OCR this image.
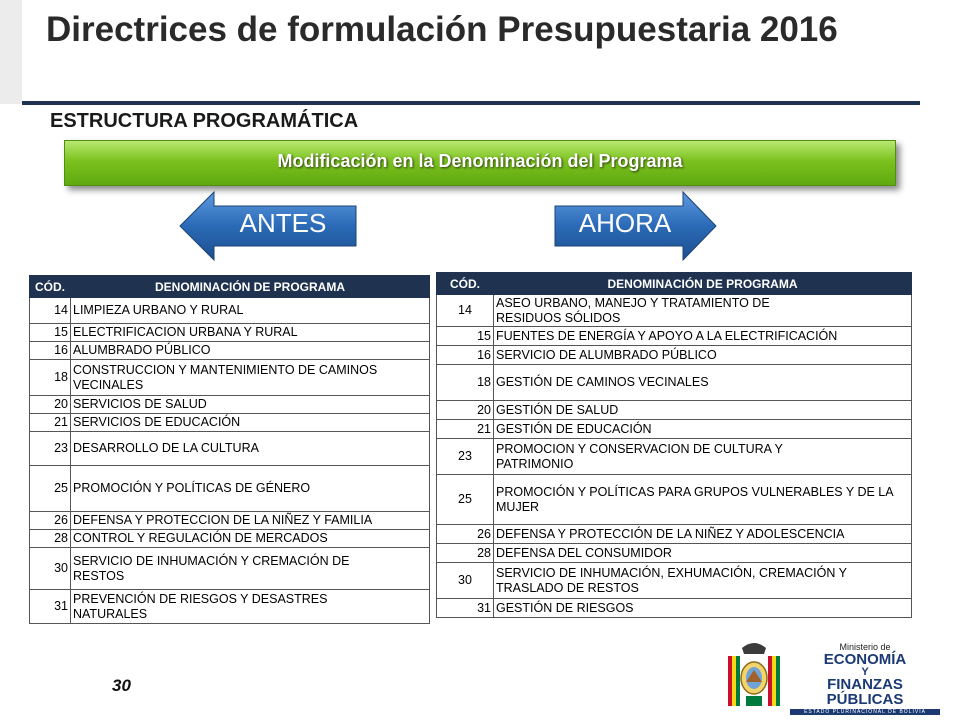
Directrices de formulación Presupuestaria 2016
ESTRUCTURA PROGRAMÁTICA
Modificación en la Denominación del Programa
ANTES	AHORA
CÓD.	DENOMINACIÓN DE PROGRAMA
14	LIMPIEZA URBANO Y RURAL
15	ELECTRIFICACION URBANA Y RURAL
16	ALUMBRADO PÚBLICO
18	CONSTRUCCION Y MANTENIMIENTO DE CAMINOS VECINALES
20	SERVICIOS DE SALUD
21	SERVICIOS DE EDUCACIÓN
23	DESARROLLO DE LA CULTURA
25	PROMOCIÓN Y POLÍTICAS DE GÉNERO
26	DEFENSA Y PROTECCION DE LA NIÑEZ Y FAMILIA
28	CONTROL Y REGULACIÓN DE MERCADOS
30	SERVICIO DE INHUMACIÓN Y CREMACIÓN DE RESTOS
31	PREVENCIÓN DE RIESGOS Y DESASTRES NATURALES
CÓD.	DENOMINACIÓN DE PROGRAMA
14	ASEO URBANO, MANEJO Y TRATAMIENTO DE RESIDUOS SÓLIDOS
15	FUENTES DE ENERGÍA Y APOYO A LA ELECTRIFICACIÓN
16	SERVICIO DE ALUMBRADO PÚBLICO
18	GESTIÓN DE CAMINOS VECINALES
20	GESTIÓN DE SALUD
21	GESTIÓN DE EDUCACIÓN
23	PROMOCION Y CONSERVACION DE CULTURA Y PATRIMONIO
25	PROMOCIÓN Y POLÍTICAS PARA GRUPOS VULNERABLES Y DE LA MUJER
26	DEFENSA Y PROTECCIÓN DE LA NIÑEZ Y ADOLESCENCIA
28	DEFENSA DEL CONSUMIDOR
30	SERVICIO DE INHUMACIÓN, EXHUMACIÓN, CREMACIÓN Y TRASLADO DE RESTOS
31	GESTIÓN DE RIESGOS
30
Ministerio de
ECONOMÍA
Y
FINANZAS PÚBLICAS
ESTADO PLURINACIONAL DE BOLIVIA
